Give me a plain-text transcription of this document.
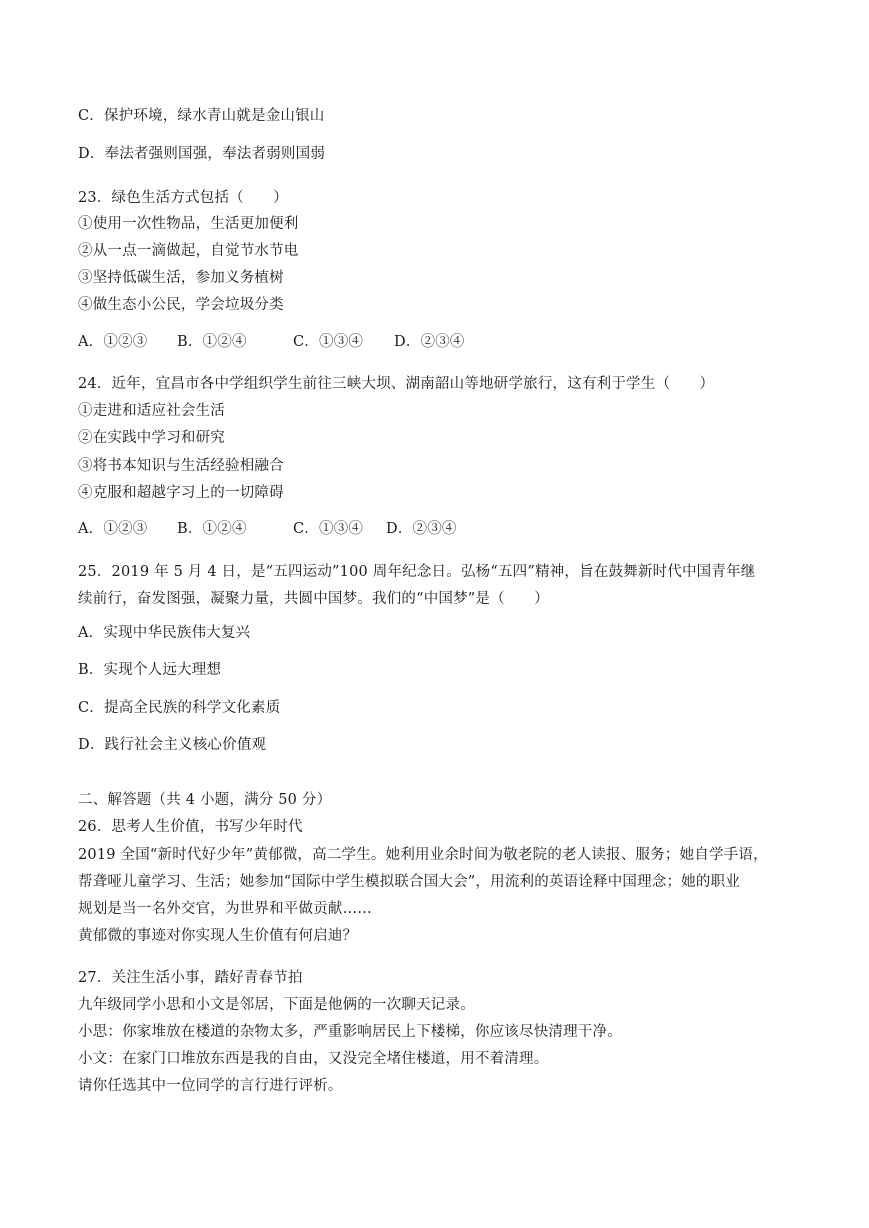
C．保护环境，绿水青山就是金山银山
D．奉法者强则国强，奉法者弱则国弱
23．绿色生活方式包括（　　）
①使用一次性物品，生活更加便利
②从一点一滴做起，自觉节水节电
③坚持低碳生活，参加义务植树
④做生态小公民，学会垃圾分类
A．①②③ B．①②④	C．①③④ D．②③④
24．近年，宜昌市各中学组织学生前往三峡大坝、湖南韶山等地研学旅行，这有利于学生（　　）
①走进和适应社会生活
②在实践中学习和研究
③将书本知识与生活经验相融合
④克服和超越字习上的一切障碍
A．①②③ B．①②④	C．①③④ D．②③④
25．2019 年 5 月 4 日，是“五四运动”100 周年纪念日。弘杨“五四”精神，旨在鼓舞新时代中国青年继
续前行，奋发图强，凝聚力量，共圆中国梦。我们的“中国梦”是（　　）
A．实现中华民族伟大复兴
B．实现个人远大理想
C．提高全民族的科学文化素质
D．践行社会主义核心价值观
二、解答题（共 4 小题，满分 50 分）
26．思考人生价值，书写少年时代
2019 全国“新时代好少年”黄郁微，高二学生。她利用业余时间为敬老院的老人读报、服务；她自学手语，
帮聋哑儿童学习、生活；她参加“国际中学生模拟联合国大会”，用流利的英语诠释中国理念；她的职业
规划是当一名外交官，为世界和平做贡献……
黄郁微的事迹对你实现人生价值有何启迪？
27．关注生活小事，踏好青春节拍
九年级同学小思和小文是邻居，下面是他俩的一次聊天记录。
小思：你家堆放在楼道的杂物太多，严重影响居民上下楼梯，你应该尽快清理干净。
小文：在家门口堆放东西是我的自由，又没完全堵住楼道，用不着清理。
请你任选其中一位同学的言行进行评析。
